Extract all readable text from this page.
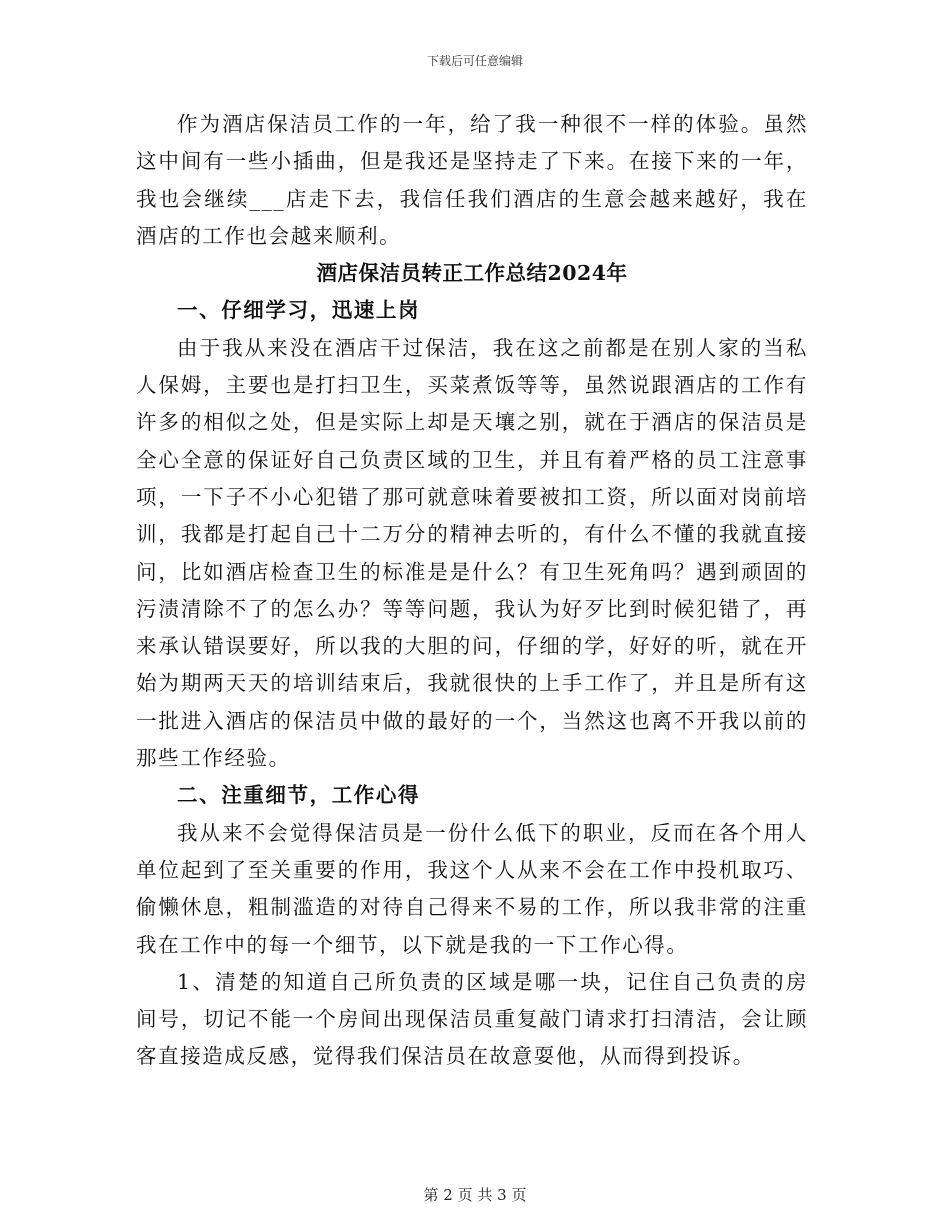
下载后可任意编辑

作为酒店保洁员工作的一年，给了我一种很不一样的体验。虽然这中间有一些小插曲，但是我还是坚持走了下来。在接下来的一年，我也会继续___店走下去，我信任我们酒店的生意会越来越好，我在酒店的工作也会越来顺利。

酒店保洁员转正工作总结2024年

一、仔细学习，迅速上岗

由于我从来没在酒店干过保洁，我在这之前都是在别人家的当私人保姆，主要也是打扫卫生，买菜煮饭等等，虽然说跟酒店的工作有许多的相似之处，但是实际上却是天壤之别，就在于酒店的保洁员是全心全意的保证好自己负责区域的卫生，并且有着严格的员工注意事项，一下子不小心犯错了那可就意味着要被扣工资，所以面对岗前培训，我都是打起自己十二万分的精神去听的，有什么不懂的我就直接问，比如酒店检查卫生的标准是是什么？有卫生死角吗？遇到顽固的污渍清除不了的怎么办？等等问题，我认为好歹比到时候犯错了，再来承认错误要好，所以我的大胆的问，仔细的学，好好的听，就在开始为期两天天的培训结束后，我就很快的上手工作了，并且是所有这一批进入酒店的保洁员中做的最好的一个，当然这也离不开我以前的那些工作经验。

二、注重细节，工作心得

我从来不会觉得保洁员是一份什么低下的职业，反而在各个用人单位起到了至关重要的作用，我这个人从来不会在工作中投机取巧、偷懒休息，粗制滥造的对待自己得来不易的工作，所以我非常的注重我在工作中的每一个细节，以下就是我的一下工作心得。

1、清楚的知道自己所负责的区域是哪一块，记住自己负责的房间号，切记不能一个房间出现保洁员重复敲门请求打扫清洁，会让顾客直接造成反感，觉得我们保洁员在故意耍他，从而得到投诉。

第 2 页 共 3 页
